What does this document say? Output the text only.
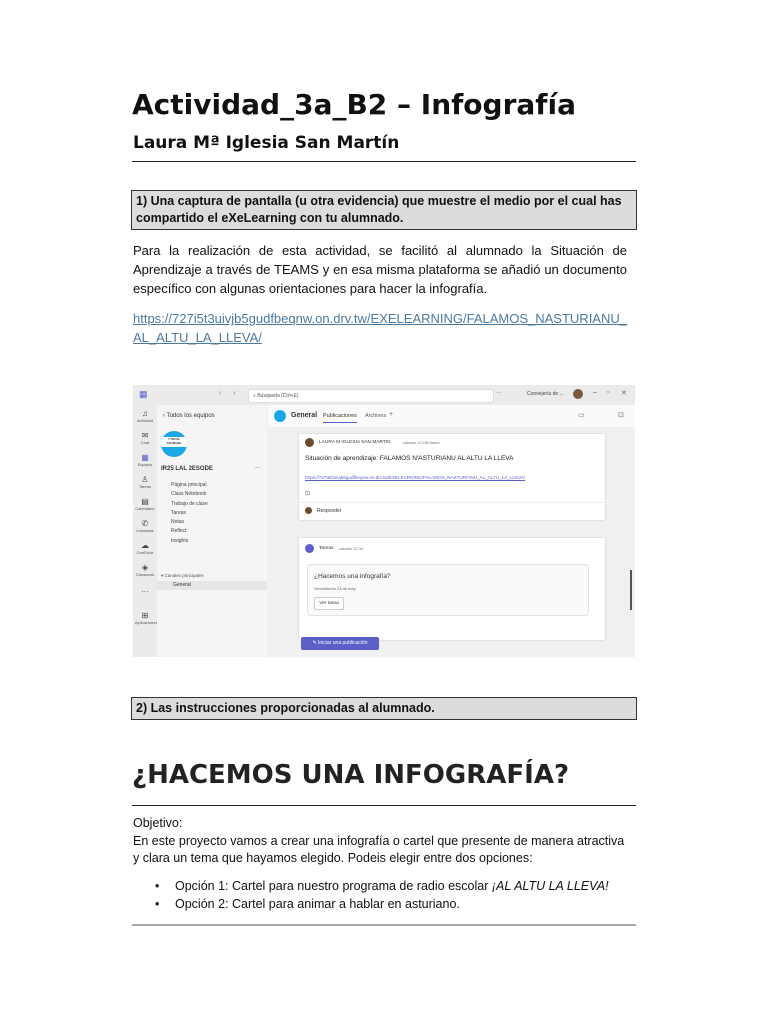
Actividad_3a_B2 – Infografía
Laura Mª Iglesia San Martín
1) Una captura de pantalla (u otra evidencia) que muestre el medio por el cual has compartido el eXeLearning con tu alumnado.

Para la realización de esta actividad, se facilitó al alumnado la Situación de Aprendizaje a través de TEAMS y en esa misma plataforma se añadió un documento específico con algunas orientaciones para hacer la infografía.

https://727i5t3uivjb5gudfbeqnw.on.drv.tw/EXELEARNING/FALAMOS_NASTURIANU_AL_ALTU_LA_LLEVA/
▦	‹ ›	⌕ Búsqueda (Ctrl+E)	···	Consejería de ...	– ▫ ✕
♫
Actividad
✉
Chat
▦
Equipos
♙
Tareas
▤
Calendario
✆
Llamadas
☁
OneDrive
◈
Classwork
···
⊞
Aplicaciones
‹ Todos los equipos
1º BIO DE ASTURIANU
IR25 LAL 2ESODE	···
Página principal
Class Notebook
Trabajo de clase
Tareas
Notas
Reflect
Insights
▾ Canales principales
General
General Publicaciones Archivos +	▭	⊡
LAURA M IGLESIA SAN MARTIN	sábado 12:22
Editado
Situación de aprendizaje: FALAMOS N'ASTURIANU AL ALTU LA LLEVA
https://727i5t3uivjb5gudfbeqnw.on.drv.tw/EXELEARNING/FALAMOS_NASTURIANU_AL_ALTU_LA_LLEVA/
⊡
Responder
Tareas sábado 12:34
¿Hacemos una infografía?
Vencimiento 23 de may.
Ver tarea
✎ Iniciar una publicación
2) Las instrucciones proporcionadas al alumnado.
¿HACEMOS UNA INFOGRAFÍA?

Objetivo:
En este proyecto vamos a crear una infografía o cartel que presente de manera atractiva y clara un tema que hayamos elegido. Podeis elegir entre dos opciones:

• Opción 1: Cartel para nuestro programa de radio escolar ¡AL ALTU LA LLEVA!
• Opción 2: Cartel para animar a hablar en asturiano.
